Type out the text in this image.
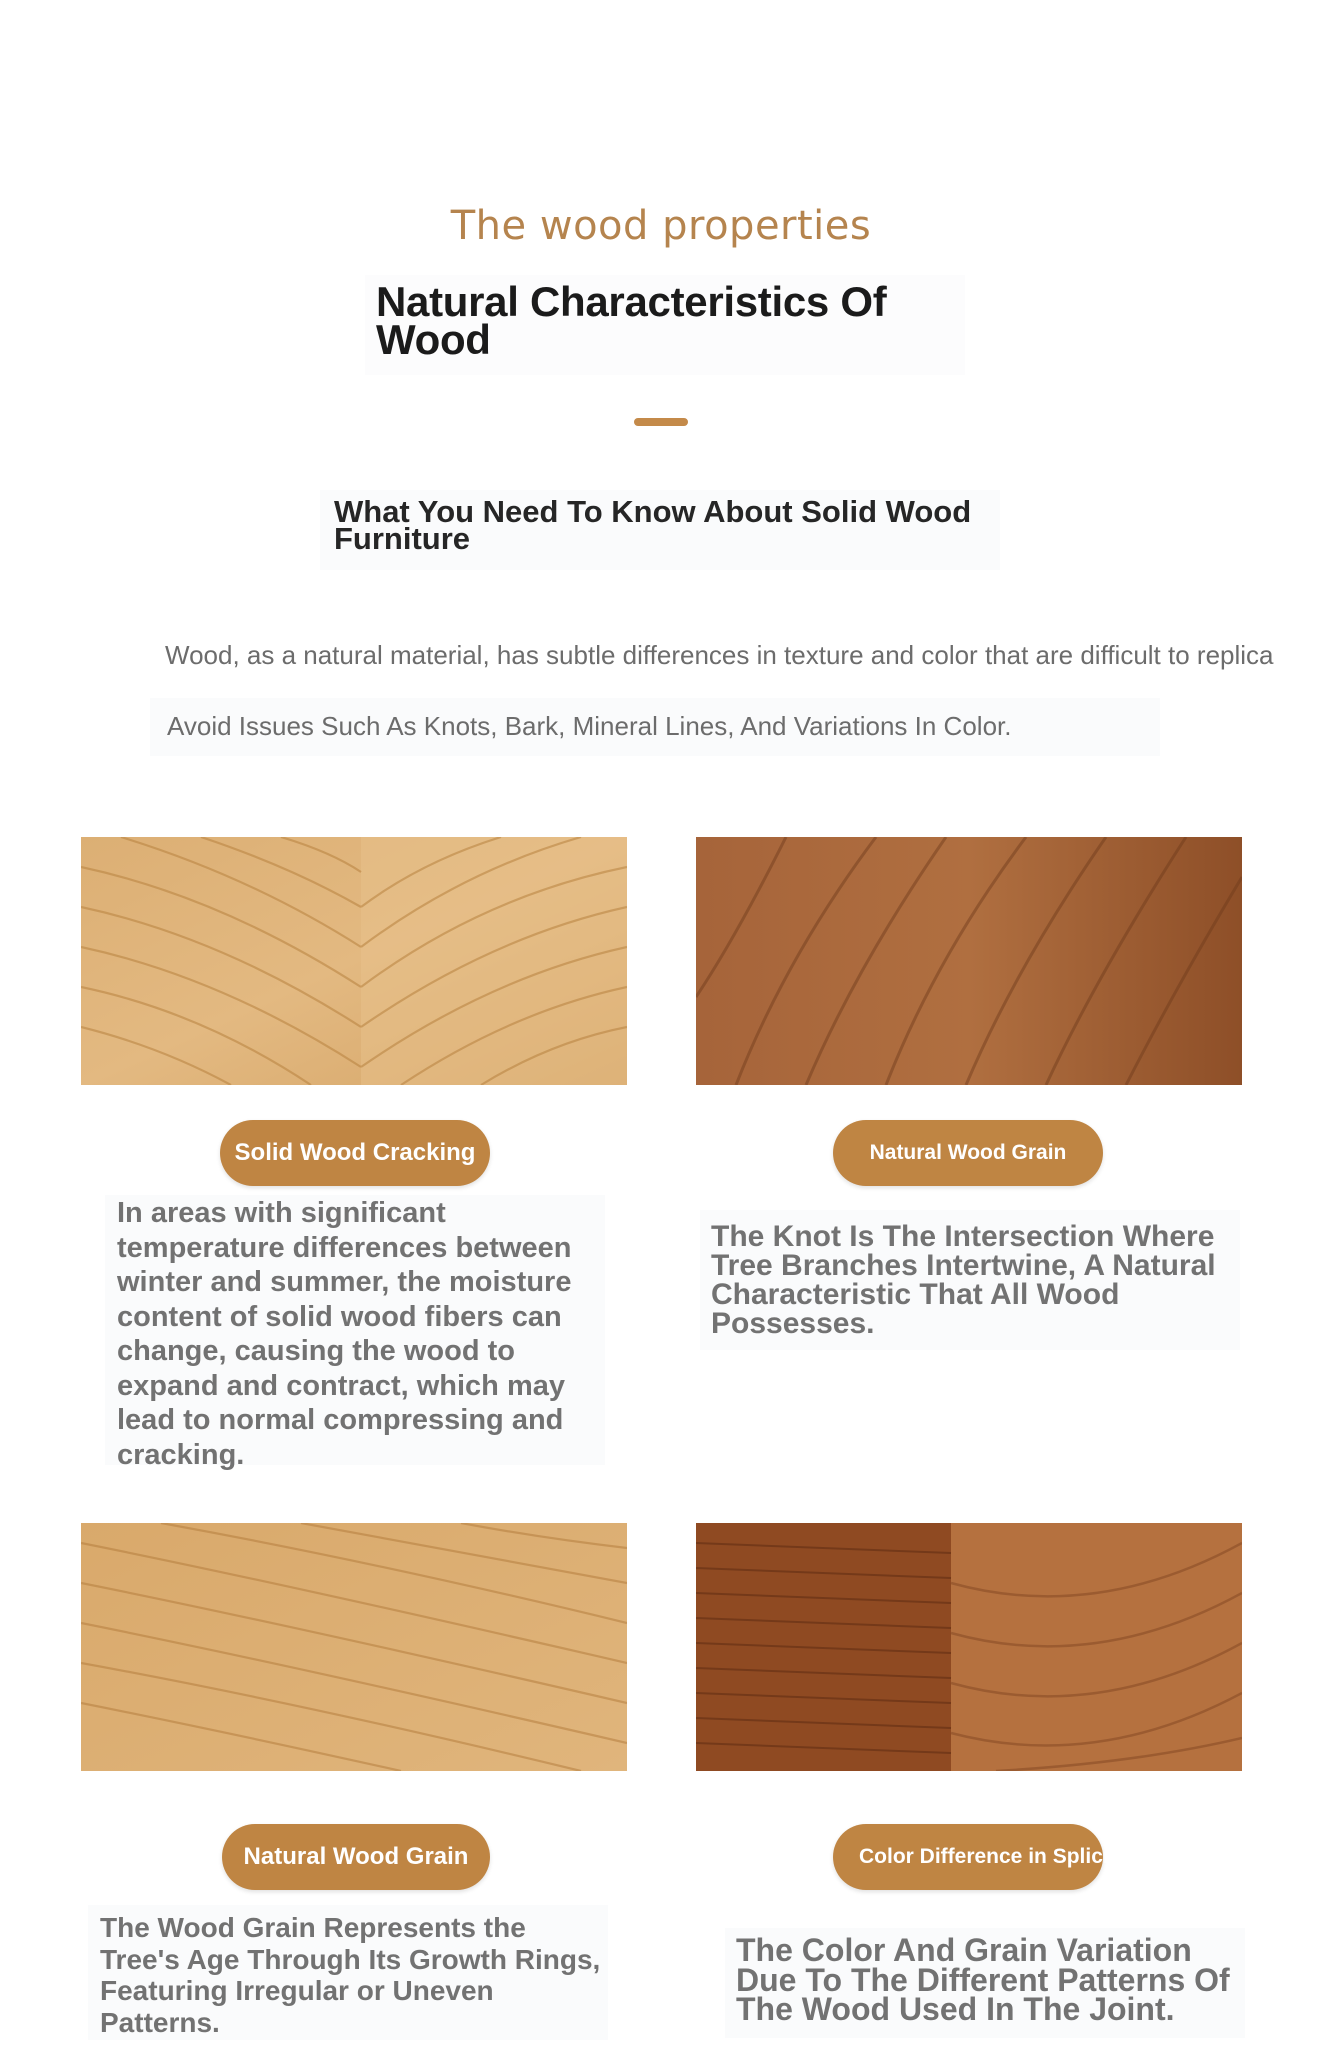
The wood properties
Natural Characteristics Of Wood
What You Need To Know About Solid Wood Furniture
Wood, as a natural material, has subtle differences in texture and color that are difficult to replica
Avoid Issues Such As Knots, Bark, Mineral Lines, And Variations In Color.
Solid Wood Cracking
In areas with significant temperature differences between winter and summer, the moisture content of solid wood fibers can change, causing the wood to expand and contract, which may lead to normal compressing and cracking.
Natural Wood Grain
The Knot Is The Intersection Where Tree Branches Intertwine, A Natural Characteristic That All Wood Possesses.
Natural Wood Grain
The Wood Grain Represents the Tree's Age Through Its Growth Rings, Featuring Irregular or Uneven Patterns.
Color Difference in Splicing
The Color And Grain Variation Due To The Different Patterns Of The Wood Used In The Joint.
